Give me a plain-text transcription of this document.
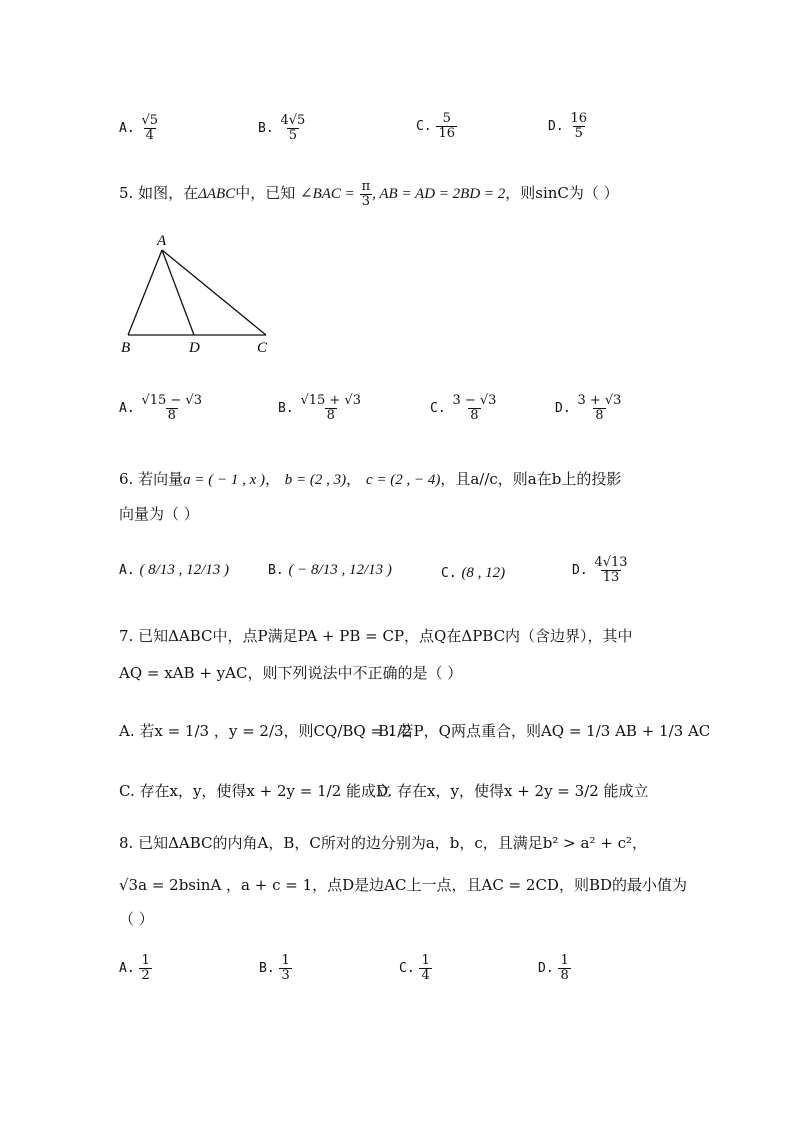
A. $\frac{√5}{4}$	B. $\frac{4√5}{5}$	C. $\frac{5}{16}$	D. $\frac{16}{5}$
5. 如图，在ΔABC中，已知 ∠BAC = $\frac{\pi}{3}$ , AB = AD = 2BD = 2，则sinC为（ ）
A
B	D	C
A. $\frac{√15 - √3}{8}$	B. $\frac{√15 + √3}{8}$	C. $\frac{3 - √3}{8}$	D. $\frac{3 + √3}{8}$
6. 若向量a = ( − 1 , x )， b = (2 , 3)， c = (2 , − 4)，且a//c，则a在b上的投影
向量为（ ）
A. ( 8/13 , 12/13 )	B. ( − 8/13 , 12/13 )	C. (8 , 12)	D. $\frac{4√13}{13}$
7. 已知ΔABC中，点P满足PA + PB = CP，点Q在ΔPBC内（含边界），其中
AQ = xAB + yAC，则下列说法中不正确的是（ ）
A. 若x = 1/3 ，y = 2/3，则CQ/BQ = 1/2
B. 若P，Q两点重合，则AQ = 1/3 AB + 1/3 AC
C. 存在x，y，使得x + 2y = 1/2 能成立
D. 存在x，y，使得x + 2y = 3/2 能成立
8. 已知ΔABC的内角A，B，C所对的边分别为a，b，c，且满足b² > a² + c²，
√3a = 2bsinA ，a + c = 1，点D是边AC上一点，且AC = 2CD，则BD的最小值为
（ ）
A. $\frac{1}{2}$	B. $\frac{1}{3}$	C. $\frac{1}{4}$	D. $\frac{1}{8}$
